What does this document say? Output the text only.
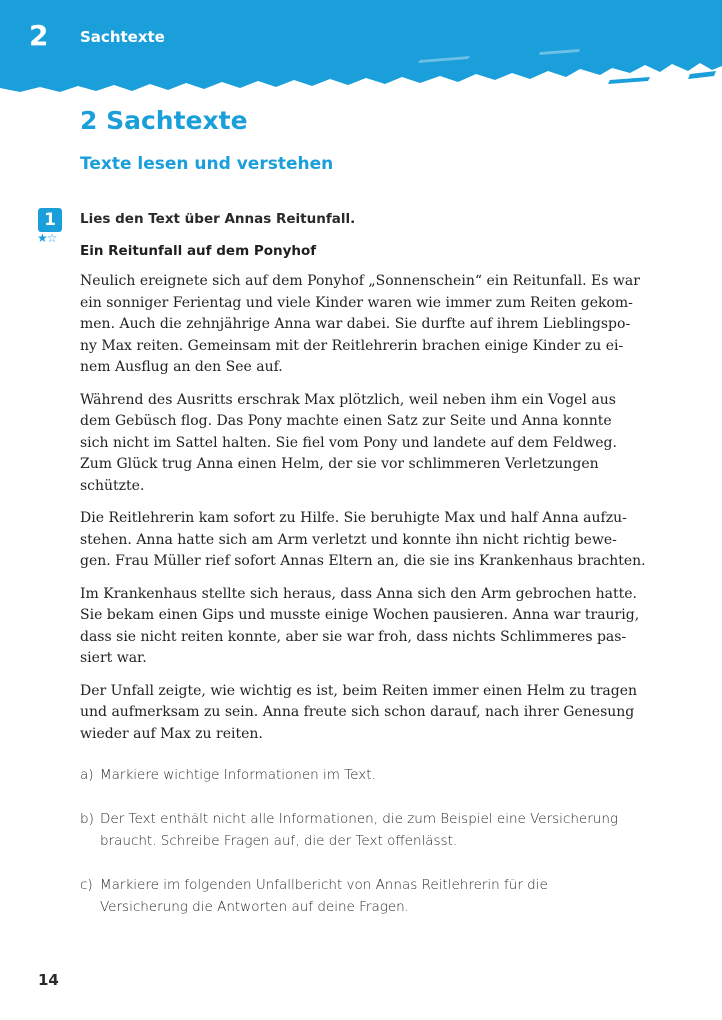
2 Sachtexte
2 Sachtexte
Texte lesen und verstehen
1
★☆

Lies den Text über Annas Reitunfall.

Ein Reitunfall auf dem Ponyhof

Neulich ereignete sich auf dem Ponyhof „Sonnenschein“ ein Reitunfall. Es war
ein sonniger Ferientag und viele Kinder waren wie immer zum Reiten gekom-
men. Auch die zehnjährige Anna war dabei. Sie durfte auf ihrem Lieblingspo-
ny Max reiten. Gemeinsam mit der Reitlehrerin brachen einige Kinder zu ei-
nem Ausflug an den See auf.

Während des Ausritts erschrak Max plötzlich, weil neben ihm ein Vogel aus
dem Gebüsch flog. Das Pony machte einen Satz zur Seite und Anna konnte
sich nicht im Sattel halten. Sie fiel vom Pony und landete auf dem Feldweg.
Zum Glück trug Anna einen Helm, der sie vor schlimmeren Verletzungen
schützte.

Die Reitlehrerin kam sofort zu Hilfe. Sie beruhigte Max und half Anna aufzu-
stehen. Anna hatte sich am Arm verletzt und konnte ihn nicht richtig bewe-
gen. Frau Müller rief sofort Annas Eltern an, die sie ins Krankenhaus brachten.

Im Krankenhaus stellte sich heraus, dass Anna sich den Arm gebrochen hatte.
Sie bekam einen Gips und musste einige Wochen pausieren. Anna war traurig,
dass sie nicht reiten konnte, aber sie war froh, dass nichts Schlimmeres pas-
siert war.

Der Unfall zeigte, wie wichtig es ist, beim Reiten immer einen Helm zu tragen
und aufmerksam zu sein. Anna freute sich schon darauf, nach ihrer Genesung
wieder auf Max zu reiten.

a) Markiere wichtige Informationen im Text.
b) Der Text enthält nicht alle Informationen, die zum Beispiel eine Versicherung
braucht. Schreibe Fragen auf, die der Text offenlässt.
c) Markiere im folgenden Unfallbericht von Annas Reitlehrerin für die
Versicherung die Antworten auf deine Fragen.
14
